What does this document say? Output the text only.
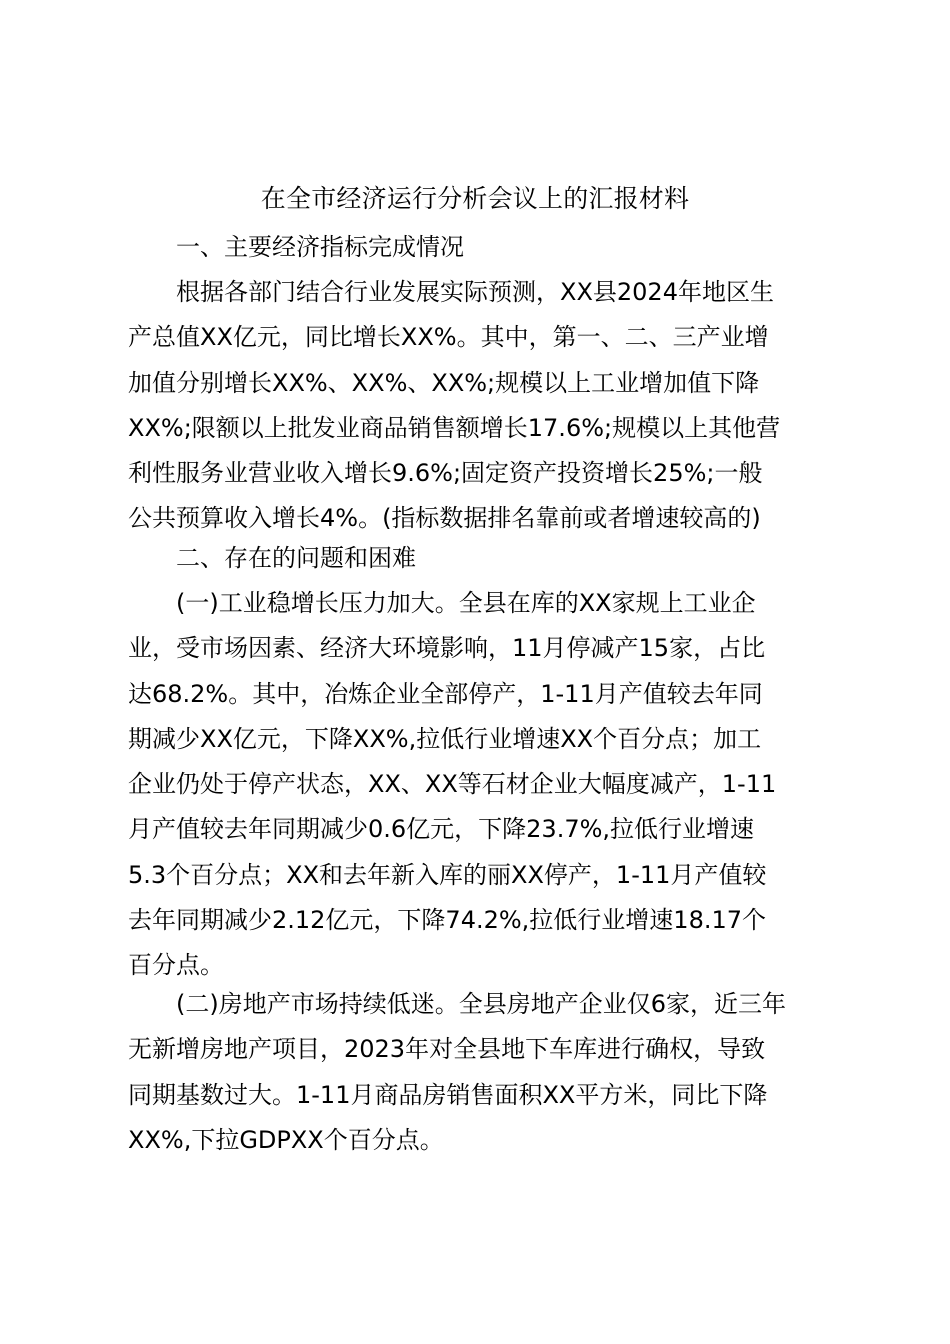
在全市经济运行分析会议上的汇报材料
一、主要经济指标完成情况
根据各部门结合行业发展实际预测，XX县2024年地区生
产总值XX亿元，同比增长XX%。其中，第一、二、三产业增
加值分别增长XX%、XX%、XX%;规模以上工业增加值下降
XX%;限额以上批发业商品销售额增长17.6%;规模以上其他营
利性服务业营业收入增长9.6%;固定资产投资增长25%;一般
公共预算收入增长4%。(指标数据排名靠前或者增速较高的)
二、存在的问题和困难
(一)工业稳增长压力加大。全县在库的XX家规上工业企
业，受市场因素、经济大环境影响，11月停减产15家，占比
达68.2%。其中，冶炼企业全部停产，1-11月产值较去年同
期减少XX亿元，下降XX%,拉低行业增速XX个百分点；加工
企业仍处于停产状态，XX、XX等石材企业大幅度减产，1-11
月产值较去年同期减少0.6亿元，下降23.7%,拉低行业增速
5.3个百分点；XX和去年新入库的丽XX停产，1-11月产值较
去年同期减少2.12亿元，下降74.2%,拉低行业增速18.17个
百分点。
(二)房地产市场持续低迷。全县房地产企业仅6家，近三年
无新增房地产项目，2023年对全县地下车库进行确权，导致
同期基数过大。1-11月商品房销售面积XX平方米，同比下降
XX%,下拉GDPXX个百分点。
